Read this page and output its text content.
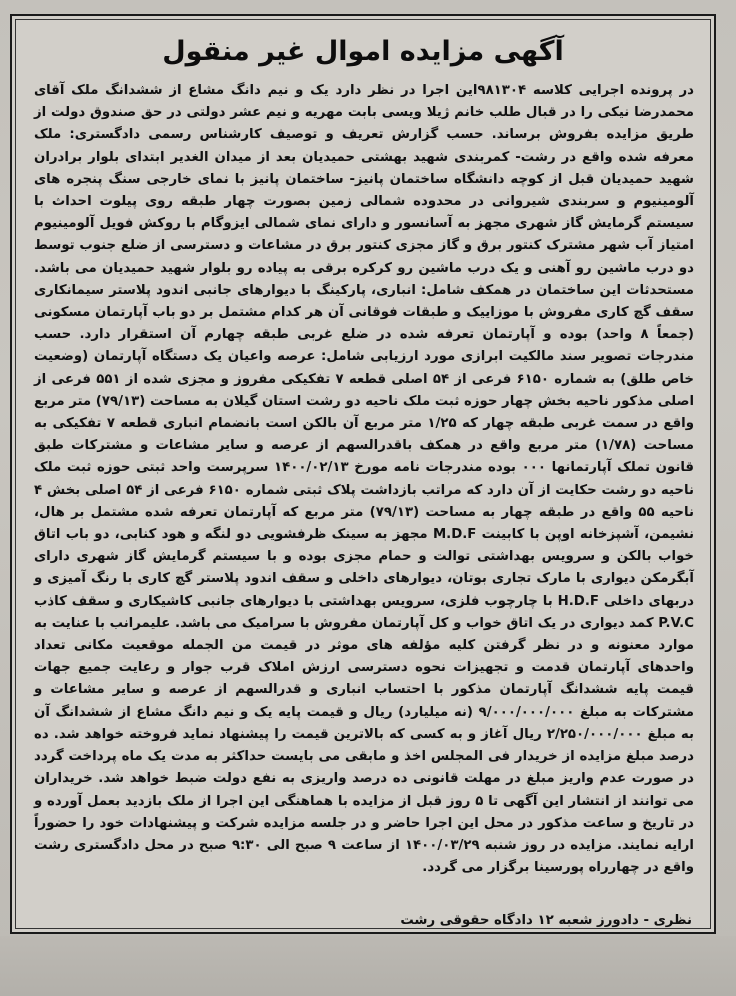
آگهی مزایده اموال غیر منقول
در پرونده اجرایی کلاسه ۹۸۱۳۰۴این اجرا در نظر دارد یک و نیم دانگ مشاع از ششدانگ ملک آقای محمدرضا نیکی را در قبال طلب خانم ژیلا ویسی بابت مهریه و نیم عشر دولتی در حق صندوق دولت از طریق مزایده بفروش برساند. حسب گزارش تعریف و توصیف کارشناس رسمی دادگستری: ملک معرفه شده واقع در رشت- کمربندی شهید بهشتی حمیدیان بعد از میدان الغدیر ابتدای بلوار برادران شهید حمیدیان قبل از کوچه دانشگاه ساختمان پانیز- ساختمان پانیز با نمای خارجی سنگ پنجره های آلومینیوم و سربندی شیروانی در محدوده شمالی زمین بصورت چهار طبقه روی پیلوت احداث با سیستم گرمایش گاز شهری مجهز به آسانسور و دارای نمای شمالی ایزوگام با روکش فویل آلومینیوم امتیاز آب شهر مشترک کنتور برق و گاز مجزی کنتور برق در مشاعات و دسترسی از ضلع جنوب توسط دو درب ماشین رو آهنی و یک درب ماشین رو کرکره برقی به پیاده رو بلوار شهید حمیدیان می باشد. مستحدثات این ساختمان در همکف شامل: انباری، پارکینگ با دیوارهای جانبی اندود پلاستر سیمانکاری سقف گچ کاری مفروش با موزاییک و طبقات فوقانی آن هر کدام مشتمل بر دو باب آپارتمان مسکونی (جمعاً ۸ واحد) بوده و آپارتمان تعرفه شده در ضلع غربی طبقه چهارم آن استقرار دارد. حسب مندرجات تصویر سند مالکیت ابرازی مورد ارزیابی شامل: عرصه واعیان یک دستگاه آپارتمان (وضعیت خاص طلق) به شماره ۶۱۵۰ فرعی از ۵۴ اصلی قطعه ۷ تفکیکی مفروز و مجزی شده از ۵۵۱ فرعی از اصلی مذکور ناحیه بخش چهار حوزه ثبت ملک ناحیه دو رشت استان گیلان به مساحت (۷۹/۱۳) متر مربع واقع در سمت غربی طبقه چهار که ۱/۲۵ متر مربع آن بالکن است بانضمام انباری قطعه ۷ تفکیکی به مساحت (۱/۷۸) متر مربع واقع در همکف باقدرالسهم از عرصه و سایر مشاعات و مشترکات طبق قانون تملک آپارتمانها ۰۰۰ بوده مندرجات نامه مورخ ۱۴۰۰/۰۲/۱۳ سرپرست واحد ثبتی حوزه ثبت ملک ناحیه دو رشت حکایت از آن دارد که مراتب بازداشت پلاک ثبتی شماره ۶۱۵۰ فرعی از ۵۴ اصلی بخش ۴ ناحیه ۵۵ واقع در طبقه چهار به مساحت (۷۹/۱۳) متر مربع که آپارتمان تعرفه شده مشتمل بر هال، نشیمن، آشپزخانه اوپن با کابینت M.D.F مجهز به سینک ظرفشویی دو لنگه و هود کنابی، دو باب اتاق خواب بالکن و سرویس بهداشتی توالت و حمام مجزی بوده و با سیستم گرمایش گاز شهری دارای آبگرمکن دیواری با مارک تجاری بوتان، دیوارهای داخلی و سقف اندود پلاستر گچ کاری با رنگ آمیزی و دربهای داخلی H.D.F با چارچوب فلزی، سرویس بهداشتی با دیوارهای جانبی کاشیکاری و سقف کاذب P.V.C کمد دیواری در یک اتاق خواب و کل آپارتمان مفروش با سرامیک می باشد. علیمرانب با عنایت به موارد معنونه و در نظر گرفتن کلیه مؤلفه های موثر در قیمت من الجمله موقعیت مکانی تعداد واحدهای آپارتمان قدمت و تجهیزات نحوه دسترسی ارزش املاک قرب جوار و رعایت جمیع جهات قیمت پایه ششدانگ آپارتمان مذکور با احتساب انباری و قدرالسهم از عرصه و سایر مشاعات و مشترکات به مبلغ ۹/۰۰۰/۰۰۰/۰۰۰ (نه میلیارد) ریال و قیمت پایه یک و نیم دانگ مشاع از ششدانگ آن به مبلغ ۲/۲۵۰/۰۰۰/۰۰۰ ریال آغاز و به کسی که بالاترین قیمت را پیشنهاد نماید فروخته خواهد شد. ده درصد مبلغ مزایده از خریدار فی المجلس اخذ و مابقی می بایست حداکثر به مدت یک ماه پرداخت گردد در صورت عدم واریز مبلغ در مهلت قانونی ده درصد واریزی به نفع دولت ضبط خواهد شد. خریداران می توانند از انتشار این آگهی تا ۵ روز قبل از مزایده با هماهنگی این اجرا از ملک بازدید بعمل آورده و در تاریخ و ساعت مذکور در محل این اجرا حاضر و در جلسه مزایده شرکت و پیشنهادات خود را حضوراً ارایه نمایند. مزایده در روز شنبه ۱۴۰۰/۰۳/۲۹ از ساعت ۹ صبح الی ۹:۳۰ صبح در محل دادگستری رشت واقع در چهارراه پورسینا برگزار می گردد.
نظری - دادورز شعبه ۱۲ دادگاه حقوقی رشت
